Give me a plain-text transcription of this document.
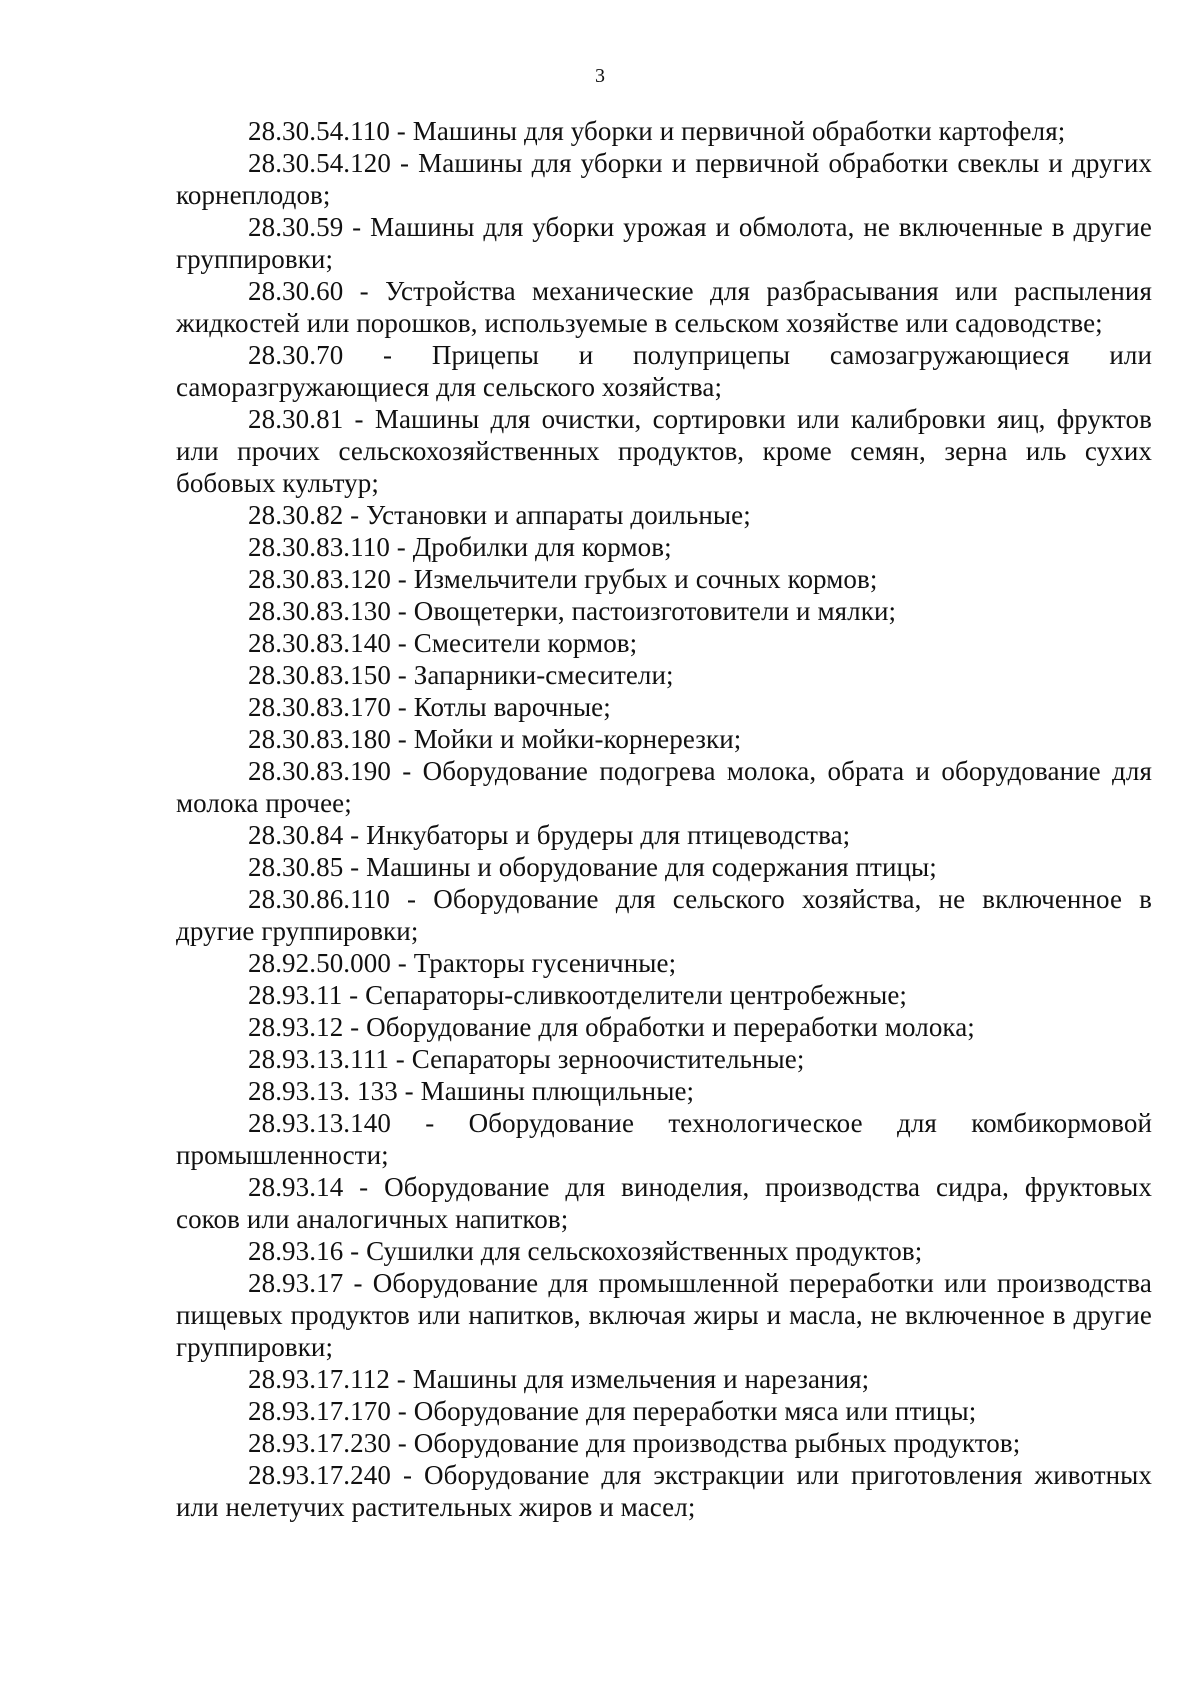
3

28.30.54.110 - Машины для уборки и первичной обработки картофеля;

28.30.54.120 - Машины для уборки и первичной обработки свеклы и других корнеплодов;

28.30.59 - Машины для уборки урожая и обмолота, не включенные в другие группировки;

28.30.60 - Устройства механические для разбрасывания или распыления жидкостей или порошков, используемые в сельском хозяйстве или садоводстве;

28.30.70 - Прицепы и полуприцепы самозагружающиеся или саморазгружающиеся для сельского хозяйства;

28.30.81 - Машины для очистки, сортировки или калибровки яиц, фруктов или прочих сельскохозяйственных продуктов, кроме семян, зерна иль сухих бобовых культур;

28.30.82 - Установки и аппараты доильные;

28.30.83.110 - Дробилки для кормов;

28.30.83.120 - Измельчители грубых и сочных кормов;

28.30.83.130 - Овощетерки, пастоизготовители и мялки;

28.30.83.140 - Смесители кормов;

28.30.83.150 - Запарники-смесители;

28.30.83.170 - Котлы варочные;

28.30.83.180 - Мойки и мойки-корнерезки;

28.30.83.190 - Оборудование подогрева молока, обрата и оборудование для молока прочее;

28.30.84 - Инкубаторы и брудеры для птицеводства;

28.30.85 - Машины и оборудование для содержания птицы;

28.30.86.110 - Оборудование для сельского хозяйства, не включенное в другие группировки;

28.92.50.000 - Тракторы гусеничные;

28.93.11 - Сепараторы-сливкоотделители центробежные;

28.93.12 - Оборудование для обработки и переработки молока;

28.93.13.111 - Сепараторы зерноочистительные;

28.93.13. 133 - Машины плющильные;

28.93.13.140 - Оборудование технологическое для комбикормовой промышленности;

28.93.14 - Оборудование для виноделия, производства сидра, фруктовых соков или аналогичных напитков;

28.93.16 - Сушилки для сельскохозяйственных продуктов;

28.93.17 - Оборудование для промышленной переработки или производства пищевых продуктов или напитков, включая жиры и масла, не включенное в другие группировки;

28.93.17.112 - Машины для измельчения и нарезания;

28.93.17.170 - Оборудование для переработки мяса или птицы;

28.93.17.230 - Оборудование для производства рыбных продуктов;

28.93.17.240 - Оборудование для экстракции или приготовления животных или нелетучих растительных жиров и масел;
